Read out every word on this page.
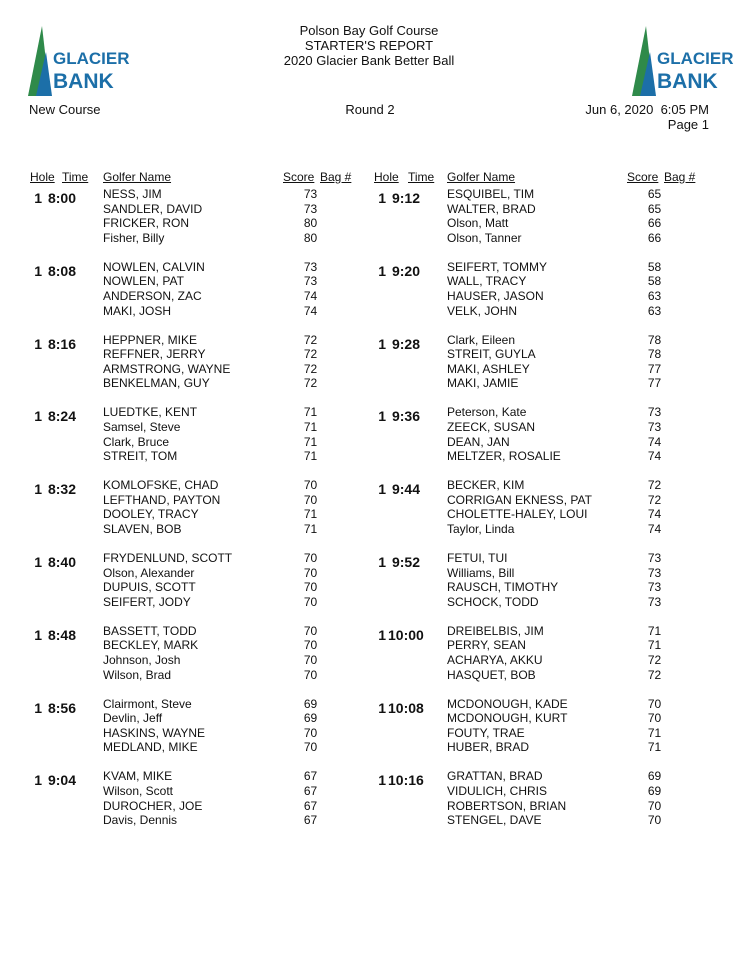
GLACIER
BANK
GLACIER
BANK
Polson Bay Golf Course
STARTER'S REPORT
2020 Glacier Bank Better Ball
New Course	Round 2	Jun 6, 2020  6:05 PM
Page 1
Hole Time Golfer Name	Score Bag # Hole Time Golfer Name	Score Bag #
1 8:00 NESS, JIM	73
SANDLER, DAVID	73
FRICKER, RON	80
Fisher, Billy	80
1 8:08 NOWLEN, CALVIN	73
NOWLEN, PAT	73
ANDERSON, ZAC	74
MAKI, JOSH	74
1 8:16 HEPPNER, MIKE	72
REFFNER, JERRY	72
ARMSTRONG, WAYNE	72
BENKELMAN, GUY	72
1 8:24 LUEDTKE, KENT	71
Samsel, Steve	71
Clark, Bruce	71
STREIT, TOM	71
1 8:32 KOMLOFSKE, CHAD	70
LEFTHAND, PAYTON	70
DOOLEY, TRACY	71
SLAVEN, BOB	71
1 8:40 FRYDENLUND, SCOTT	70
Olson, Alexander	70
DUPUIS, SCOTT	70
SEIFERT, JODY	70
1 8:48 BASSETT, TODD	70
BECKLEY, MARK	70
Johnson, Josh	70
Wilson, Brad	70
1 8:56 Clairmont, Steve	69
Devlin, Jeff	69
HASKINS, WAYNE	70
MEDLAND, MIKE	70
1 9:04 KVAM, MIKE	67
Wilson, Scott	67
DUROCHER, JOE	67
Davis, Dennis	67
1 9:12 ESQUIBEL, TIM	65
WALTER, BRAD	65
Olson, Matt	66
Olson, Tanner	66
1 9:20 SEIFERT, TOMMY	58
WALL, TRACY	58
HAUSER, JASON	63
VELK, JOHN	63
1 9:28 Clark, Eileen	78
STREIT, GUYLA	78
MAKI, ASHLEY	77
MAKI, JAMIE	77
1 9:36 Peterson, Kate	73
ZEECK, SUSAN	73
DEAN, JAN	74
MELTZER, ROSALIE	74
1 9:44 BECKER, KIM	72
CORRIGAN EKNESS, PAT	72
CHOLETTE-HALEY, LOUI	74
Taylor, Linda	74
1 9:52 FETUI, TUI	73
Williams, Bill	73
RAUSCH, TIMOTHY	73
SCHOCK, TODD	73
1 10:00 DREIBELBIS, JIM	71
PERRY, SEAN	71
ACHARYA, AKKU	72
HASQUET, BOB	72
1 10:08 MCDONOUGH, KADE	70
MCDONOUGH, KURT	70
FOUTY, TRAE	71
HUBER, BRAD	71
1 10:16 GRATTAN, BRAD	69
VIDULICH, CHRIS	69
ROBERTSON, BRIAN	70
STENGEL, DAVE	70
